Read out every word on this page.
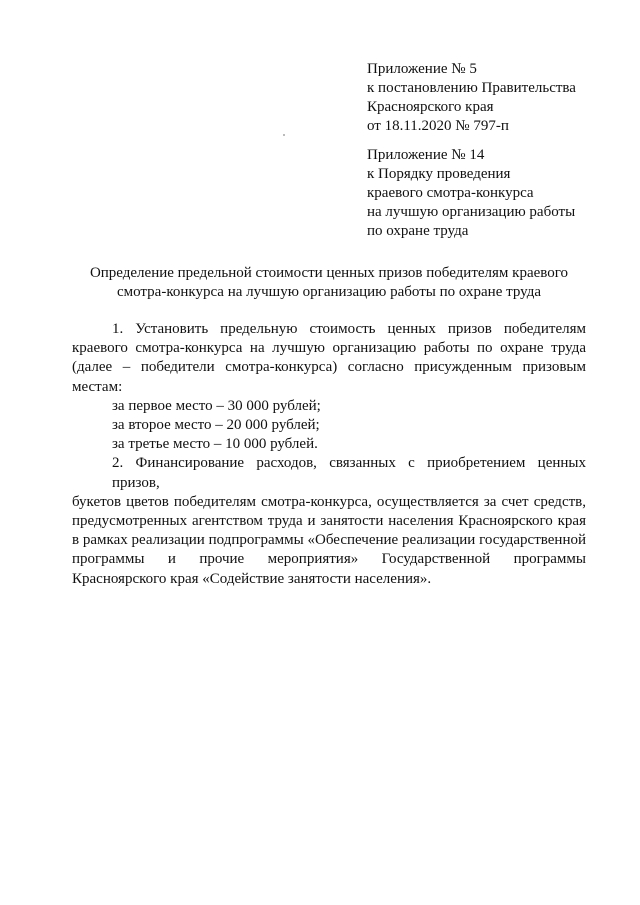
Приложение № 5
к постановлению Правительства
Красноярского края
от 18.11.2020 № 797-п
Приложение № 14
к Порядку проведения
краевого смотра-конкурса
на лучшую организацию работы
по охране труда
Определение предельной стоимости ценных призов победителям краевого
смотра-конкурса на лучшую организацию работы по охране труда
1. Установить предельную стоимость ценных призов победителям
краевого смотра-конкурса на лучшую организацию работы по охране труда
(далее – победители смотра-конкурса) согласно присужденным призовым
местам:
за первое место – 30 000 рублей;
за второе место – 20 000 рублей;
за третье место – 10 000 рублей.
2. Финансирование расходов, связанных с приобретением ценных призов,
букетов цветов победителям смотра-конкурса, осуществляется за счет средств,
предусмотренных агентством труда и занятости населения Красноярского края
в рамках реализации подпрограммы «Обеспечение реализации государственной
программы и прочие мероприятия» Государственной программы
Красноярского края «Содействие занятости населения».
